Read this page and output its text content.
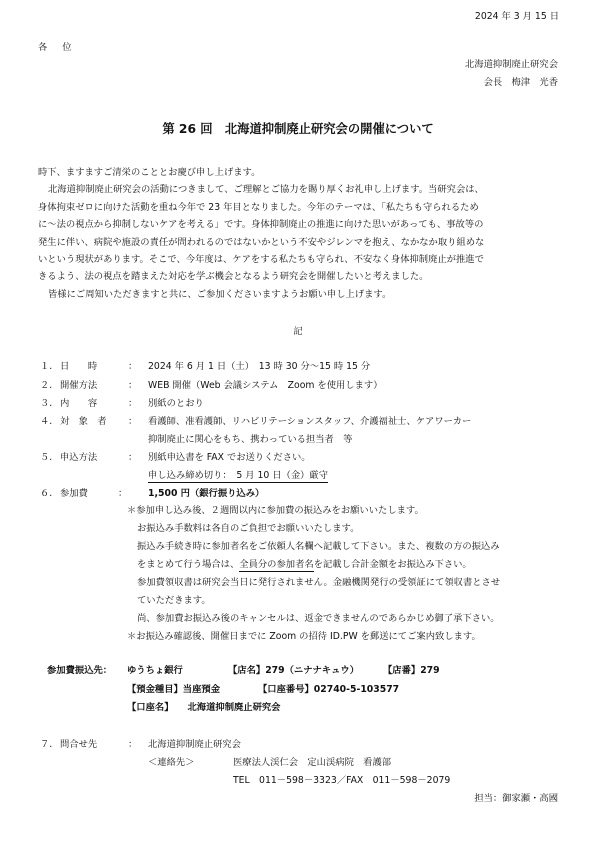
2024 年 3 月 15 日
各 位
北海道抑制廃止研究会
会長　梅津　光香
第 26 回　北海道抑制廃止研究会の開催について
時下、ますますご清栄のこととお慶び申し上げます。
北海道抑制廃止研究会の活動につきまして、ご理解とご協力を賜り厚くお礼申し上げます。当研究会は、
身体拘束ゼロに向けた活動を重ね今年で 23 年目となりました。今年のテーマは、「私たちも守られるため
に～法の視点から抑制しないケアを考える」です。身体抑制廃止の推進に向けた思いがあっても、事故等の
発生に伴い、病院や施設の責任が問われるのではないかという不安やジレンマを抱え、なかなか取り組めな
いという現状があります。そこで、今年度は、ケアをする私たちも守られ、不安なく身体抑制廃止が推進で
きるよう、法の視点を踏まえた対応を学ぶ機会となるよう研究会を開催したいと考えました。
皆様にご周知いただきますと共に、ご参加くださいますようお願い申し上げます。
記
１. 日　　時	： 2024 年 6 月 1 日（土）　13 時 30 分～15 時 15 分
２. 開催方法	： WEB 開催（Web 会議システム　Zoom を使用します）
３. 内　　容	： 別紙のとおり
４. 対　象　者 ： 看護師、准看護師、リハビリテーションスタッフ、介護福祉士、ケアワーカー
抑制廃止に関心をもち、携わっている担当者　等
５. 申込方法	： 別紙申込書を FAX でお送りください。
申し込み締め切り：　5 月 10 日（金）厳守
６. 参加費	： 1,500 円（銀行振り込み）
＊参加申し込み後、２週間以内に参加費の振込みをお願いいたします。
お振込み手数料は各自のご負担でお願いいたします。
振込み手続き時に参加者名をご依頼人名欄へ記載して下さい。また、複数の方の振込み
をまとめて行う場合は、全員分の参加者名を記載し合計金額をお振込み下さい。
参加費領収書は研究会当日に発行されません。金融機関発行の受領証にて領収書とさせ
ていただきます。
尚、参加費お振込み後のキャンセルは、返金できませんのであらかじめ御了承下さい。
＊お振込み確認後、開催日までに Zoom の招待 ID.PW を郵送にてご案内致します。
参加費振込先： ゆうちょ銀行	【店名】279（ニナナキュウ）	【店番】279
【預金種目】当座預金	【口座番号】02740-5-103577
【口座名】 北海道抑制廃止研究会
７. 問合せ先	： 北海道抑制廃止研究会
＜連絡先＞	医療法人渓仁会　定山渓病院　看護部
TEL　011－598－3323／FAX　011－598－2079
担当：御家瀬・高國
